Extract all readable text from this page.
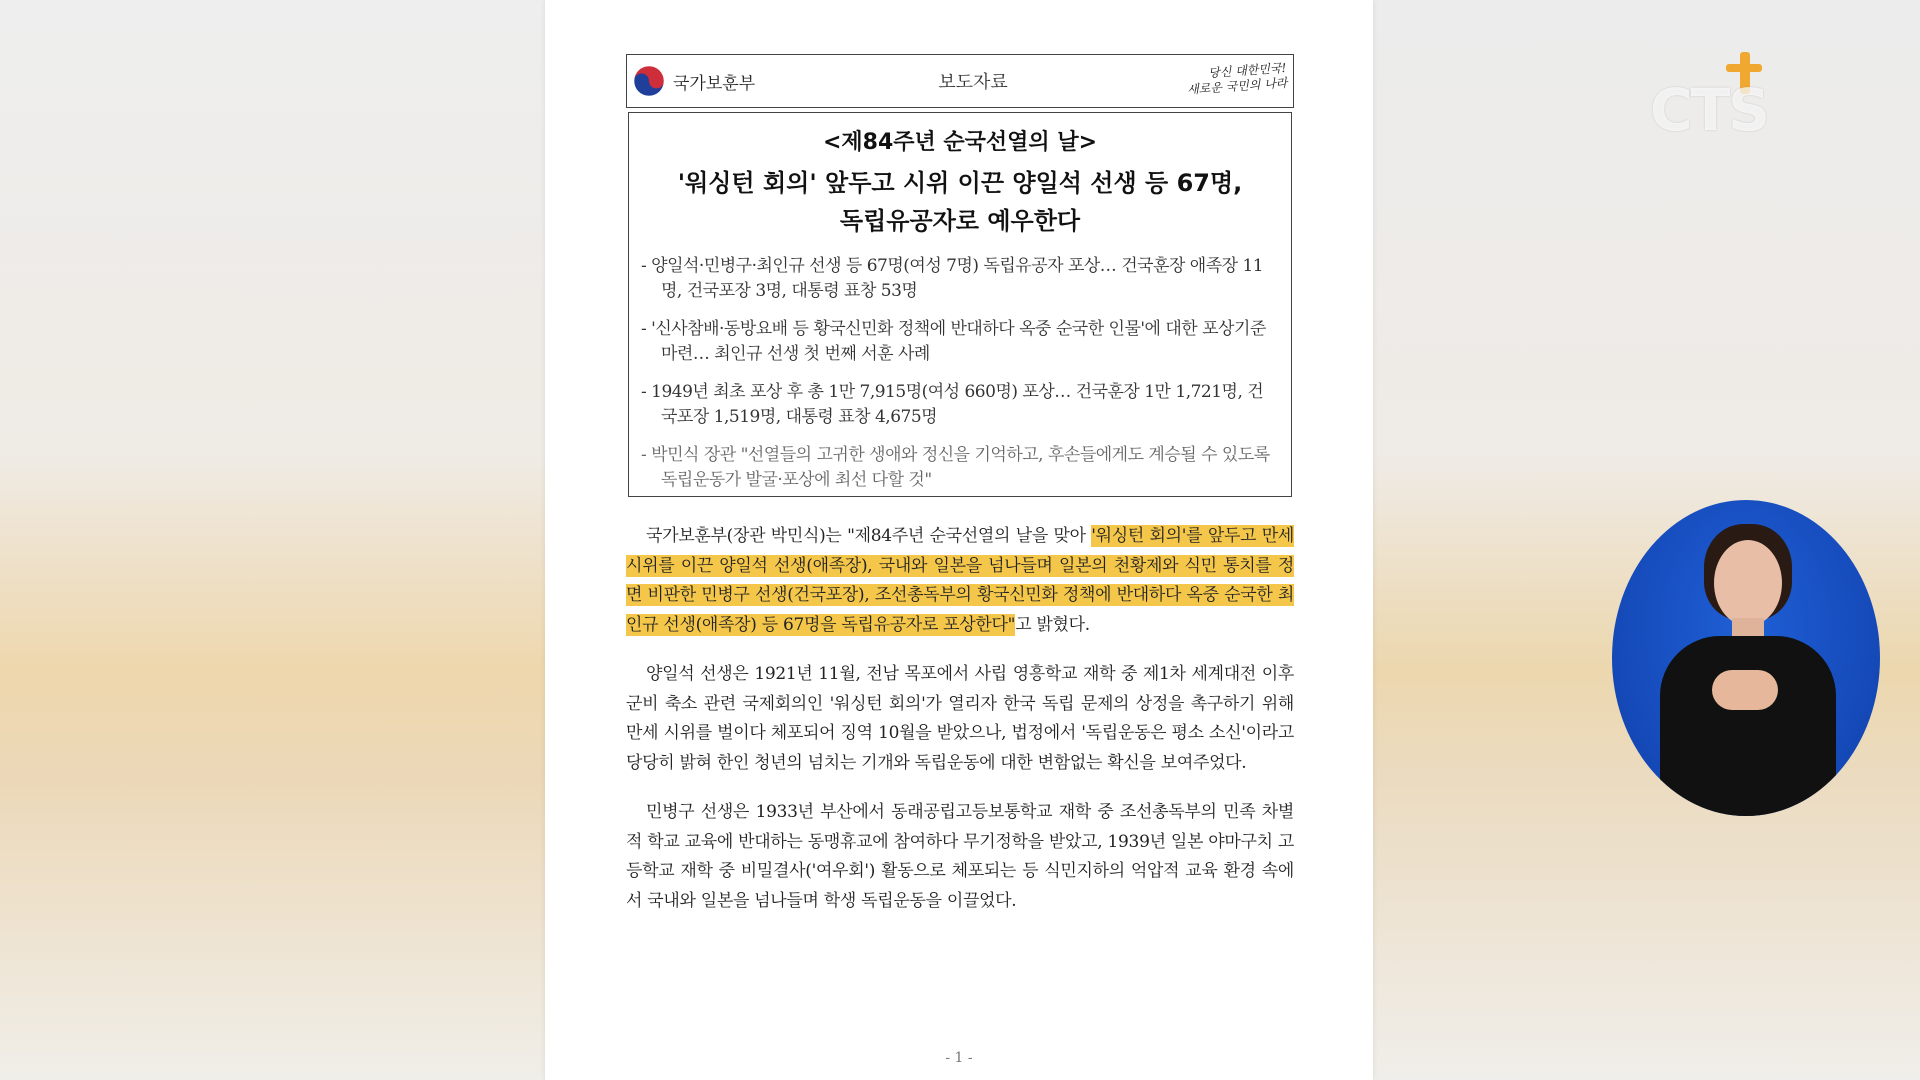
국가보훈부	보도자료
당신 대한민국!
새로운 국민의 나라
<제84주년 순국선열의 날>
'워싱턴 회의' 앞두고 시위 이끈 양일석 선생 등 67명,
독립유공자로 예우한다
- 양일석·민병구·최인규 선생 등 67명(여성 7명) 독립유공자 포상… 건국훈장 애족장 11명, 건국포장 3명, 대통령 표창 53명
- '신사참배·동방요배 등 황국신민화 정책에 반대하다 옥중 순국한 인물'에 대한 포상기준 마련… 최인규 선생 첫 번째 서훈 사례
- 1949년 최초 포상 후 총 1만 7,915명(여성 660명) 포상… 건국훈장 1만 1,721명, 건국포장 1,519명, 대통령 표창 4,675명
- 박민식 장관 "선열들의 고귀한 생애와 정신을 기억하고, 후손들에게도 계승될 수 있도록 독립운동가 발굴·포상에 최선 다할 것"

국가보훈부(장관 박민식)는 "제84주년 순국선열의 날을 맞아 '워싱턴 회의'를 앞두고 만세 시위를 이끈 양일석 선생(애족장), 국내와 일본을 넘나들며 일본의 천황제와 식민 통치를 정면 비판한 민병구 선생(건국포장), 조선총독부의 황국신민화 정책에 반대하다 옥중 순국한 최인규 선생(애족장) 등 67명을 독립유공자로 포상한다"고 밝혔다.

양일석 선생은 1921년 11월, 전남 목포에서 사립 영흥학교 재학 중 제1차 세계대전 이후 군비 축소 관련 국제회의인 '워싱턴 회의'가 열리자 한국 독립 문제의 상정을 촉구하기 위해 만세 시위를 벌이다 체포되어 징역 10월을 받았으나, 법정에서 '독립운동은 평소 소신'이라고 당당히 밝혀 한인 청년의 넘치는 기개와 독립운동에 대한 변함없는 확신을 보여주었다.

민병구 선생은 1933년 부산에서 동래공립고등보통학교 재학 중 조선총독부의 민족 차별적 학교 교육에 반대하는 동맹휴교에 참여하다 무기정학을 받았고, 1939년 일본 야마구치 고등학교 재학 중 비밀결사('여우회') 활동으로 체포되는 등 식민지하의 억압적 교육 환경 속에서 국내와 일본을 넘나들며 학생 독립운동을 이끌었다.

- 1 -
CTS
